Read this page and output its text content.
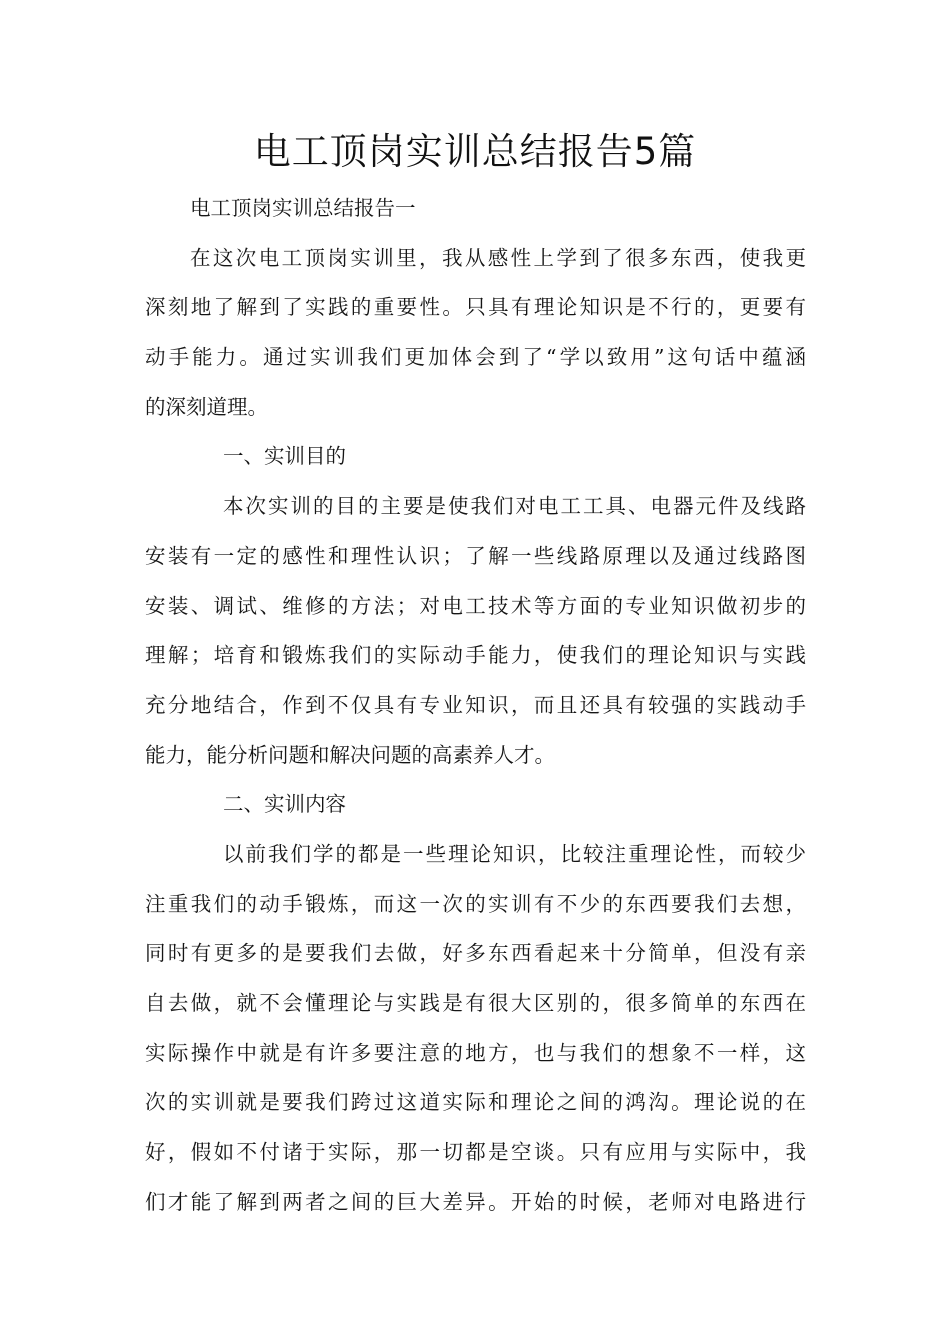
电工顶岗实训总结报告5篇
电工顶岗实训总结报告一
在这次电工顶岗实训里，我从感性上学到了很多东西，使我更
深刻地了解到了实践的重要性。只具有理论知识是不行的，更要有
动手能力。通过实训我们更加体会到了“学以致用”这句话中蕴涵
的深刻道理。
一、实训目的
本次实训的目的主要是使我们对电工工具、电器元件及线路
安装有一定的感性和理性认识；了解一些线路原理以及通过线路图
安装、调试、维修的方法；对电工技术等方面的专业知识做初步的
理解；培育和锻炼我们的实际动手能力，使我们的理论知识与实践
充分地结合，作到不仅具有专业知识，而且还具有较强的实践动手
能力，能分析问题和解决问题的高素养人才。
二、实训内容
以前我们学的都是一些理论知识，比较注重理论性，而较少
注重我们的动手锻炼，而这一次的实训有不少的东西要我们去想，
同时有更多的是要我们去做，好多东西看起来十分简单，但没有亲
自去做，就不会懂理论与实践是有很大区别的，很多简单的东西在
实际操作中就是有许多要注意的地方，也与我们的想象不一样，这
次的实训就是要我们跨过这道实际和理论之间的鸿沟。理论说的在
好，假如不付诸于实际，那一切都是空谈。只有应用与实际中，我
们才能了解到两者之间的巨大差异。开始的时候，老师对电路进行
